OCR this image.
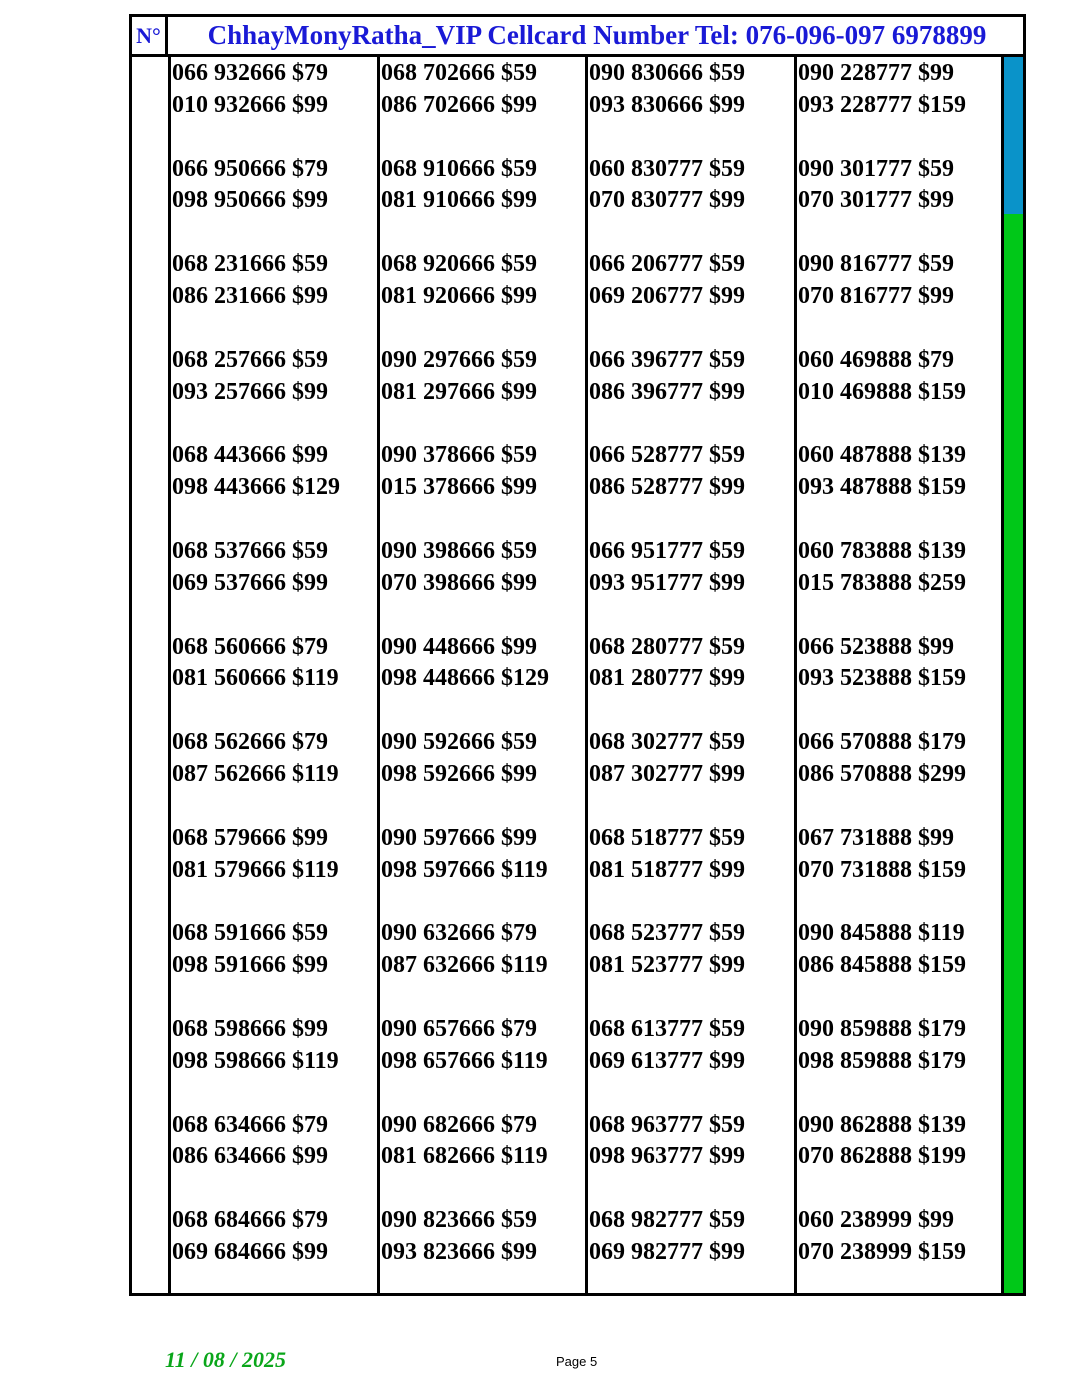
N°	ChhayMonyRatha_VIP Cellcard Number Tel: 076-096-097 6978899
066 932666 $79
010 932666 $99
066 950666 $79
098 950666 $99
068 231666 $59
086 231666 $99
068 257666 $59
093 257666 $99
068 443666 $99
098 443666 $129
068 537666 $59
069 537666 $99
068 560666 $79
081 560666 $119
068 562666 $79
087 562666 $119
068 579666 $99
081 579666 $119
068 591666 $59
098 591666 $99
068 598666 $99
098 598666 $119
068 634666 $79
086 634666 $99
068 684666 $79
069 684666 $99
068 702666 $59
086 702666 $99
068 910666 $59
081 910666 $99
068 920666 $59
081 920666 $99
090 297666 $59
081 297666 $99
090 378666 $59
015 378666 $99
090 398666 $59
070 398666 $99
090 448666 $99
098 448666 $129
090 592666 $59
098 592666 $99
090 597666 $99
098 597666 $119
090 632666 $79
087 632666 $119
090 657666 $79
098 657666 $119
090 682666 $79
081 682666 $119
090 823666 $59
093 823666 $99
090 830666 $59
093 830666 $99
060 830777 $59
070 830777 $99
066 206777 $59
069 206777 $99
066 396777 $59
086 396777 $99
066 528777 $59
086 528777 $99
066 951777 $59
093 951777 $99
068 280777 $59
081 280777 $99
068 302777 $59
087 302777 $99
068 518777 $59
081 518777 $99
068 523777 $59
081 523777 $99
068 613777 $59
069 613777 $99
068 963777 $59
098 963777 $99
068 982777 $59
069 982777 $99
090 228777 $99
093 228777 $159
090 301777 $59
070 301777 $99
090 816777 $59
070 816777 $99
060 469888 $79
010 469888 $159
060 487888 $139
093 487888 $159
060 783888 $139
015 783888 $259
066 523888 $99
093 523888 $159
066 570888 $179
086 570888 $299
067 731888 $99
070 731888 $159
090 845888 $119
086 845888 $159
090 859888 $179
098 859888 $179
090 862888 $139
070 862888 $199
060 238999 $99
070 238999 $159
11 / 08 / 2025	Page 5
